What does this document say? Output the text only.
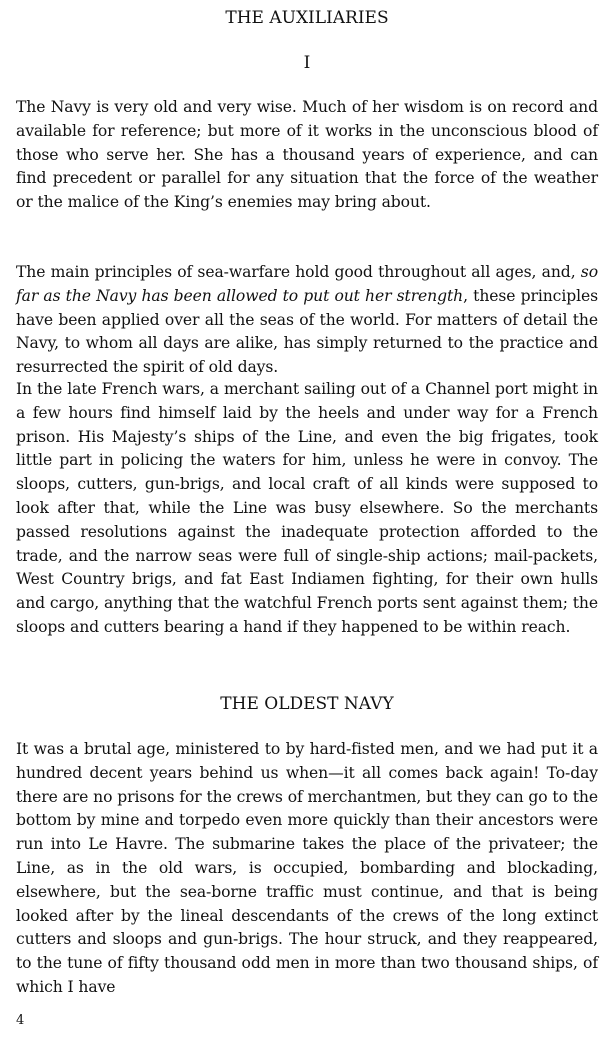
THE AUXILIARIES
I

The Navy is very old and very wise. Much of her wisdom is on record and available for reference; but more of it works in the unconscious blood of those who serve her. She has a thousand years of experience, and can find precedent or parallel for any situation that the force of the weather or the malice of the King’s enemies may bring about.

The main principles of sea-warfare hold good throughout all ages, and, so far as the Navy has been allowed to put out her strength, these principles have been applied over all the seas of the world. For matters of detail the Navy, to whom all days are alike, has simply returned to the practice and resurrected the spirit of old days.

In the late French wars, a merchant sailing out of a Channel port might in a few hours find himself laid by the heels and under way for a French prison. His Majesty’s ships of the Line, and even the big frigates, took little part in policing the waters for him, unless he were in convoy. The sloops, cutters, gun-brigs, and local craft of all kinds were supposed to look after that, while the Line was busy elsewhere. So the merchants passed resolutions against the inadequate protection afforded to the trade, and the narrow seas were full of single-ship actions; mail-packets, West Country brigs, and fat East Indiamen fighting, for their own hulls and cargo, anything that the watchful French ports sent against them; the sloops and cutters bearing a hand if they happened to be within reach.

THE OLDEST NAVY

It was a brutal age, ministered to by hard-fisted men, and we had put it a hundred decent years behind us when—it all comes back again! To-day there are no prisons for the crews of merchantmen, but they can go to the bottom by mine and torpedo even more quickly than their ancestors were run into Le Havre. The submarine takes the place of the privateer; the Line, as in the old wars, is occupied, bombarding and blockading, elsewhere, but the sea-borne traffic must continue, and that is being looked after by the lineal descendants of the crews of the long extinct cutters and sloops and gun-brigs. The hour struck, and they reappeared, to the tune of fifty thousand odd men in more than two thousand ships, of which I have

4
